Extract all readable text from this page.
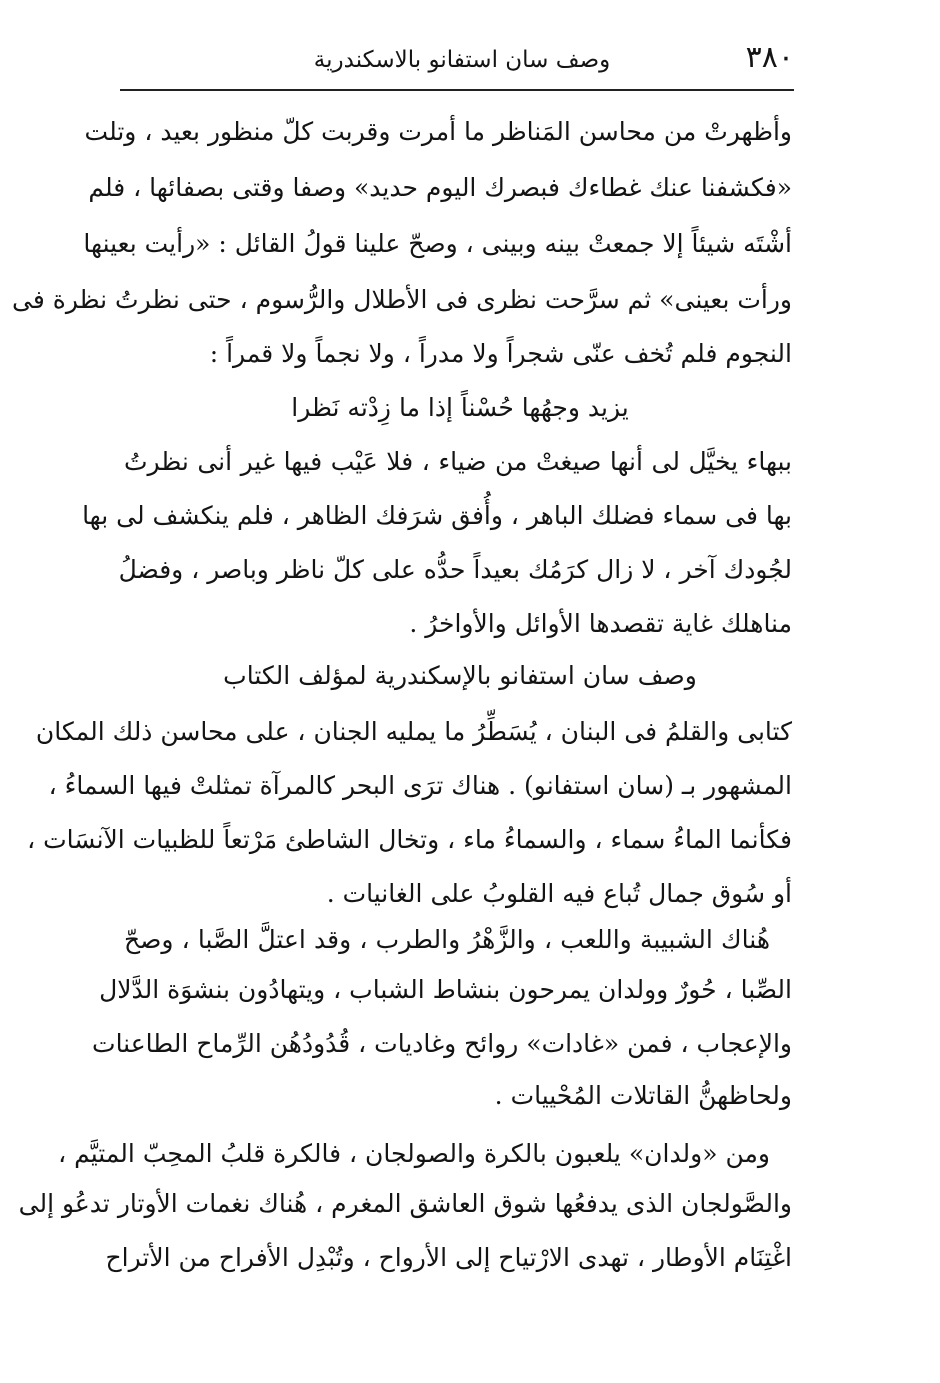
٣٨٠
وصف سان استفانو بالاسكندرية
وأظهرتْ من محاسن المَناظر ما أمرت وقربت كلّ منظور بعيد ، وتلت
«فكشفنا عنك غطاءك فبصرك اليوم حديد» وصفا وقتى بصفائها ، فلم
أشْتَه شيئاً إلا جمعتْ بينه وبينى ، وصحّ علينا قولُ القائل : «رأيت بعينها
ورأت بعينى» ثم سرَّحت نظرى فى الأطلال والرُّسوم ، حتى نظرتُ نظرة فى
النجوم فلم تُخف عنّى شجراً ولا مدراً ، ولا نجماً ولا قمراً :
يزيد وجهُها حُسْناً إذا ما زِدْته نَظرا
ببهاء يخيَّل لى أنها صيغتْ من ضياء ، فلا عَيْب فيها غير أنى نظرتُ
بها فى سماء فضلك الباهر ، وأُفق شرَفك الظاهر ، فلم ينكشف لى بها
لجُودك آخر ، لا زال كرَمُك بعيداً حدُّه على كلّ ناظر وباصر ، وفضلُ
مناهلك غاية تقصدها الأوائل والأواخرُ .
وصف سان استفانو بالإسكندرية لمؤلف الكتاب
كتابى والقلمُ فى البنان ، يُسَطِّرُ ما يمليه الجنان ، على محاسن ذلك المكان
المشهور بـ (سان استفانو) . هناك ترَى البحر كالمرآة تمثلتْ فيها السماءُ ،
فكأنما الماءُ سماء ، والسماءُ ماء ، وتخال الشاطئ مَرْتعاً للظبيات الآنسَات ،
أو سُوق جمال تُباع فيه القلوبُ على الغانيات .
هُناك الشبيبة واللعب ، والزَّهْرُ والطرب ، وقد اعتلَّ الصَّبا ، وصحّ
الصِّبا ، حُورٌ وولدان يمرحون بنشاط الشباب ، ويتهادُون بنشوَة الدَّلال
والإعجاب ، فمن «غادات» روائح وغاديات ، قُدُودُهُن الرِّماح الطاعنات
ولحاظهنُّ القاتلات المُحْييات .
ومن «ولدان» يلعبون بالكرة والصولجان ، فالكرة قلبُ المحِبّ المتيَّم ،
والصَّولجان الذى يدفعُها شوق العاشق المغرم ، هُناك نغمات الأوتار تدعُو إلى
اغْتِنَام الأوطار ، تهدى الارْتياح إلى الأرواح ، وتُبْدِل الأفراح من الأتراح
